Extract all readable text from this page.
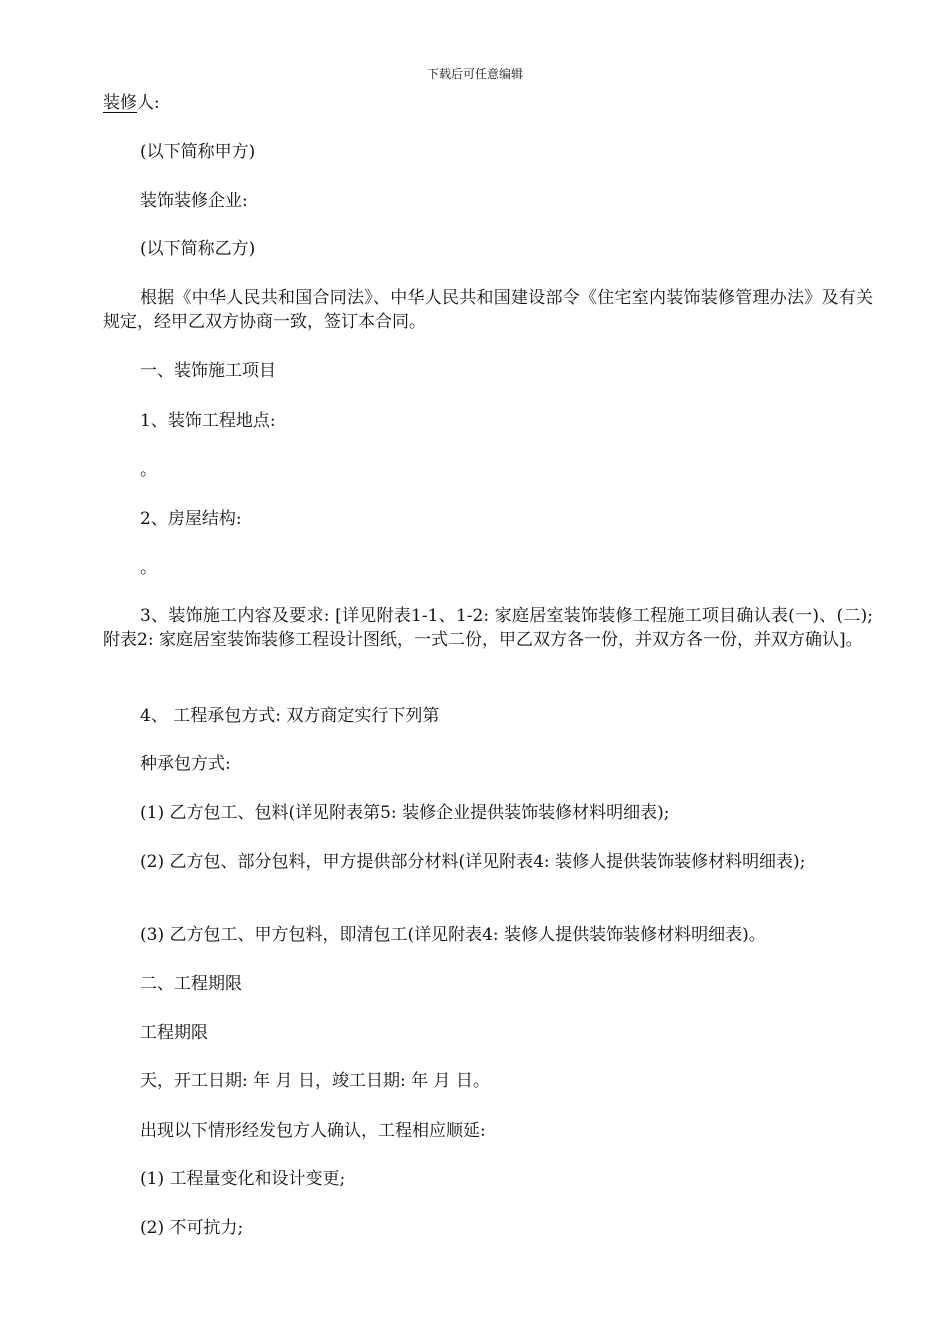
下载后可任意编辑
装修人:
(以下简称甲方)
装饰装修企业:
(以下简称乙方)
根据《中华人民共和国合同法》、中华人民共和国建设部令《住宅室内装饰装修管理办法》及有关规定，经甲乙双方协商一致，签订本合同。
一、装饰施工项目
1、装饰工程地点:
。
2、房屋结构:
。
3、装饰施工内容及要求: [详见附表1-1、1-2: 家庭居室装饰装修工程施工项目确认表(一)、(二);附表2: 家庭居室装饰装修工程设计图纸，一式二份，甲乙双方各一份，并双方各一份，并双方确认]。
4、 工程承包方式: 双方商定实行下列第
种承包方式:
(1) 乙方包工、包料(详见附表第5: 装修企业提供装饰装修材料明细表);
(2) 乙方包、部分包料，甲方提供部分材料(详见附表4: 装修人提供装饰装修材料明细表);
(3) 乙方包工、甲方包料，即清包工(详见附表4: 装修人提供装饰装修材料明细表)。
二、工程期限
工程期限
天，开工日期: 年 月 日，竣工日期: 年 月 日。
出现以下情形经发包方人确认，工程相应顺延:
(1) 工程量变化和设计变更;
(2) 不可抗力;
